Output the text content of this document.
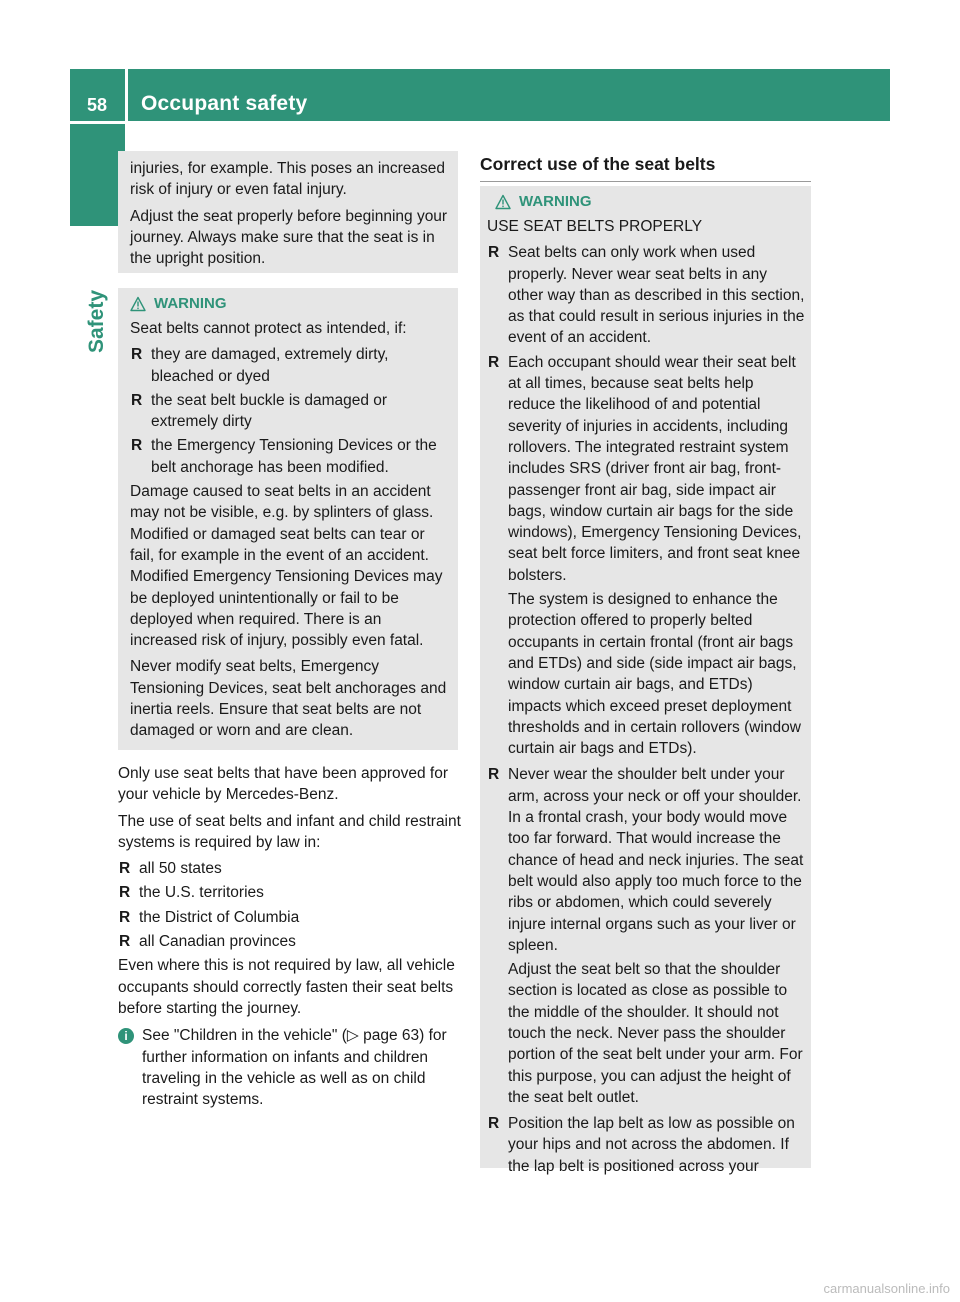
58	Occupant safety
Safety

injuries, for example. This poses an increased risk of injury or even fatal injury.

Adjust the seat properly before beginning your journey. Always make sure that the seat is in the upright position.

WARNING

Seat belts cannot protect as intended, if:

R they are damaged, extremely dirty, bleached or dyed
R the seat belt buckle is damaged or extremely dirty
R the Emergency Tensioning Devices or the belt anchorage has been modified.

Damage caused to seat belts in an accident may not be visible, e.g. by splinters of glass. Modified or damaged seat belts can tear or fail, for example in the event of an accident. Modified Emergency Tensioning Devices may be deployed unintentionally or fail to be deployed when required. There is an increased risk of injury, possibly even fatal.

Never modify seat belts, Emergency Tensioning Devices, seat belt anchorages and inertia reels. Ensure that seat belts are not damaged or worn and are clean.

Only use seat belts that have been approved for your vehicle by Mercedes-Benz.

The use of seat belts and infant and child restraint systems is required by law in:

R all 50 states
R the U.S. territories
R the District of Columbia
R all Canadian provinces

Even where this is not required by law, all vehicle occupants should correctly fasten their seat belts before starting the journey.

i See "Children in the vehicle" (▷ page 63) for further information on infants and children traveling in the vehicle as well as on child restraint systems.
Correct use of the seat belts
WARNING

USE SEAT BELTS PROPERLY

R Seat belts can only work when used properly. Never wear seat belts in any other way than as described in this section, as that could result in serious injuries in the event of an accident.
R Each occupant should wear their seat belt at all times, because seat belts help reduce the likelihood of and potential severity of injuries in accidents, including rollovers. The integrated restraint system includes SRS (driver front air bag, front-passenger front air bag, side impact air bags, window curtain air bags for the side windows), Emergency Tensioning Devices, seat belt force limiters, and front seat knee bolsters.

The system is designed to enhance the protection offered to properly belted occupants in certain frontal (front air bags and ETDs) and side (side impact air bags, window curtain air bags, and ETDs) impacts which exceed preset deployment thresholds and in certain rollovers (window curtain air bags and ETDs).

R Never wear the shoulder belt under your arm, across your neck or off your shoulder. In a frontal crash, your body would move too far forward. That would increase the chance of head and neck injuries. The seat belt would also apply too much force to the ribs or abdomen, which could severely injure internal organs such as your liver or spleen.

Adjust the seat belt so that the shoulder section is located as close as possible to the middle of the shoulder. It should not touch the neck. Never pass the shoulder portion of the seat belt under your arm. For this purpose, you can adjust the height of the seat belt outlet.

R Position the lap belt as low as possible on your hips and not across the abdomen. If the lap belt is positioned across your
carmanualsonline.info
